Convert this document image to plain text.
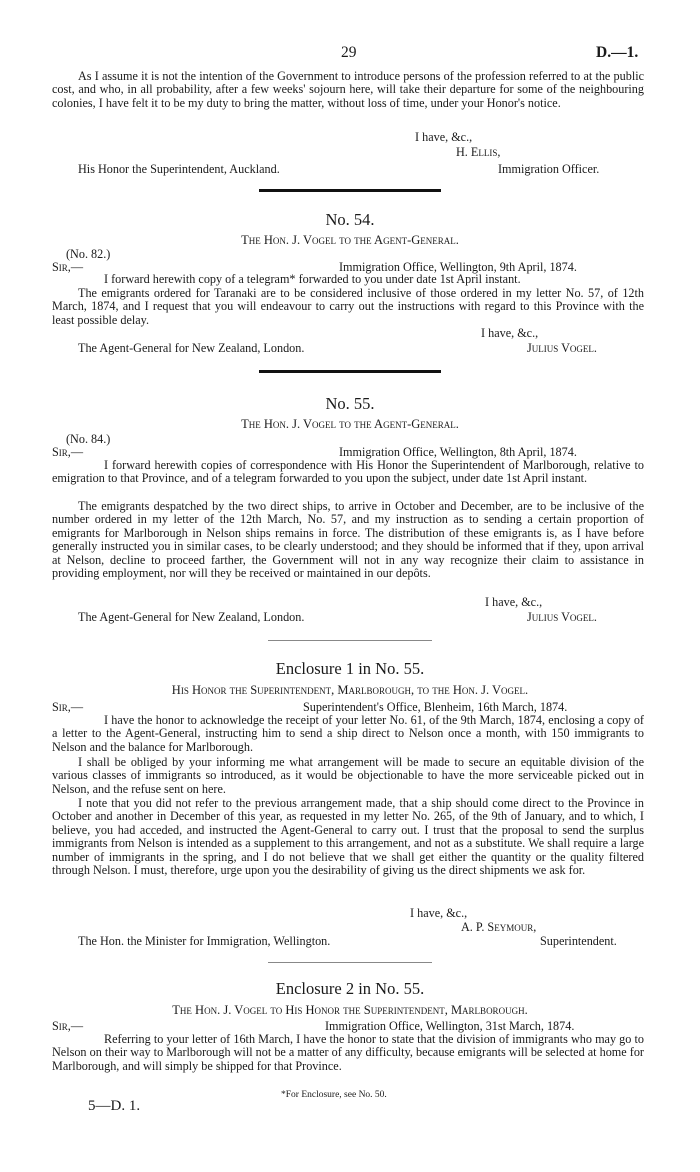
29	D.—1.
As I assume it is not the intention of the Government to introduce persons of the profession referred to at the public cost, and who, in all probability, after a few weeks' sojourn here, will take their departure for some of the neighbouring colonies, I have felt it to be my duty to bring the matter, without loss of time, under your Honor's notice.
I have, &c.,
H. Ellis,
His Honor the Superintendent, Auckland.	Immigration Officer.
No. 54.
The Hon. J. Vogel to the Agent-General.
(No. 82.)
Sir,—	Immigration Office, Wellington, 9th April, 1874.
I forward herewith copy of a telegram* forwarded to you under date 1st April instant.
The emigrants ordered for Taranaki are to be considered inclusive of those ordered in my letter No. 57, of 12th March, 1874, and I request that you will endeavour to carry out the instructions with regard to this Province with the least possible delay.
I have, &c.,
The Agent-General for New Zealand, London.	Julius Vogel.
No. 55.
The Hon. J. Vogel to the Agent-General.
(No. 84.)
Sir,—	Immigration Office, Wellington, 8th April, 1874.
I forward herewith copies of correspondence with His Honor the Superintendent of Marlborough, relative to emigration to that Province, and of a telegram forwarded to you upon the subject, under date 1st April instant.
The emigrants despatched by the two direct ships, to arrive in October and December, are to be inclusive of the number ordered in my letter of the 12th March, No. 57, and my instruction as to sending a certain proportion of emigrants for Marlborough in Nelson ships remains in force. The distribution of these emigrants is, as I have before generally instructed you in similar cases, to be clearly understood; and they should be informed that if they, upon arrival at Nelson, decline to proceed farther, the Government will not in any way recognize their claim to assistance in providing employment, nor will they be received or maintained in our depôts.
I have, &c.,
The Agent-General for New Zealand, London.	Julius Vogel.
Enclosure 1 in No. 55.
His Honor the Superintendent, Marlborough, to the Hon. J. Vogel.
Sir,—	Superintendent's Office, Blenheim, 16th March, 1874.
I have the honor to acknowledge the receipt of your letter No. 61, of the 9th March, 1874, enclosing a copy of a letter to the Agent-General, instructing him to send a ship direct to Nelson once a month, with 150 immigrants to Nelson and the balance for Marlborough.
I shall be obliged by your informing me what arrangement will be made to secure an equitable division of the various classes of immigrants so introduced, as it would be objectionable to have the more serviceable picked out in Nelson, and the refuse sent on here.
I note that you did not refer to the previous arrangement made, that a ship should come direct to the Province in October and another in December of this year, as requested in my letter No. 265, of the 9th of January, and to which, I believe, you had acceded, and instructed the Agent-General to carry out. I trust that the proposal to send the surplus immigrants from Nelson is intended as a supplement to this arrangement, and not as a substitute. We shall require a large number of immigrants in the spring, and I do not believe that we shall get either the quantity or the quality filtered through Nelson. I must, therefore, urge upon you the desirability of giving us the direct shipments we ask for.
I have, &c.,
A. P. Seymour,
The Hon. the Minister for Immigration, Wellington.	Superintendent.
Enclosure 2 in No. 55.
The Hon. J. Vogel to His Honor the Superintendent, Marlborough.
Sir,—	Immigration Office, Wellington, 31st March, 1874.
Referring to your letter of 16th March, I have the honor to state that the division of immigrants who may go to Nelson on their way to Marlborough will not be a matter of any difficulty, because emigrants will be selected at home for Marlborough, and will simply be shipped for that Province.
5—D. 1.
*For Enclosure, see No. 50.
